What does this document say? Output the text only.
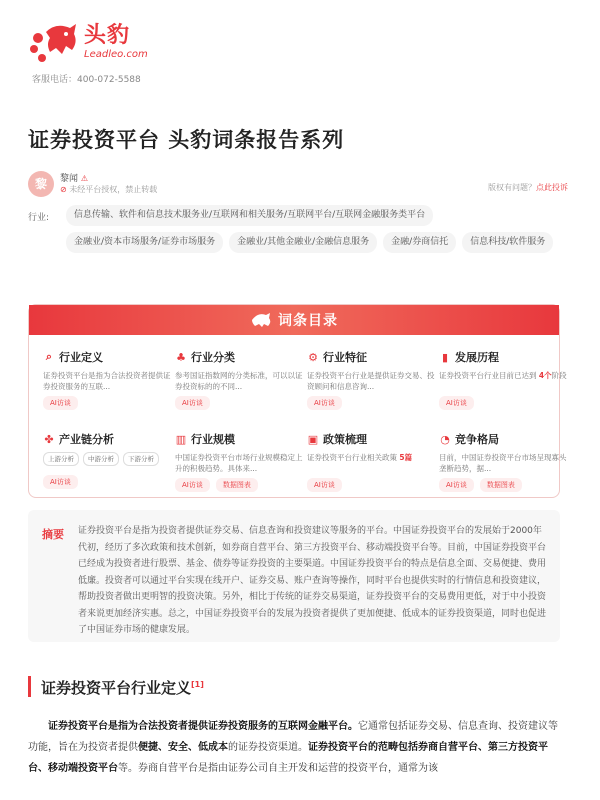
头豹
Leadleo.com
客服电话：400-072-5588
证券投资平台 头豹词条报告系列
黎	黎闻 ⚠
⊘ 未经平台授权，禁止转载	版权有问题？点此投诉
行业:	信息传输、软件和信息技术服务业/互联网和相关服务/互联网平台/互联网金融服务类平台
金融业/资本市场服务/证券市场服务	金融业/其他金融业/金融信息服务	金融/券商信托	信息科技/软件服务
词条目录
⌕ 行业定义
证券投资平台是指为合法投资者提供证券投资服务的互联...
AI访谈
♣ 行业分类
参考国证指数网的分类标准，可以以证券投资标的的不同...
AI访谈
⚙ 行业特征
证券投资平台行业是提供证券交易、投资顾问和信息咨询...
AI访谈
▮ 发展历程
证券投资平台行业目前已达到 4个阶段
AI访谈
✤ 产业链分析
上游分析	中游分析	下游分析
AI访谈
▥ 行业规模
中国证券投资平台市场行业规模稳定上升的积极趋势。具体来...
AI访谈	数据图表
▣ 政策梳理
证券投资平台行业相关政策 5篇
AI访谈
◔ 竞争格局
目前，中国证券投资平台市场呈现寡头垄断趋势，据...
AI访谈	数据图表
摘要 证券投资平台是指为投资者提供证券交易、信息查询和投资建议等服务的平台。中国证券投资平台的发展始于2000年代初，经历了多次政策和技术创新，如券商自营平台、第三方投资平台、移动端投资平台等。目前，中国证券投资平台已经成为投资者进行股票、基金、债券等证券投资的主要渠道。中国证券投资平台的特点是信息全面、交易便捷、费用低廉。投资者可以通过平台实现在线开户、证券交易、账户查询等操作，同时平台也提供实时的行情信息和投资建议，帮助投资者做出更明智的投资决策。另外，相比于传统的证券交易渠道，证券投资平台的交易费用更低，对于中小投资者来说更加经济实惠。总之，中国证券投资平台的发展为投资者提供了更加便捷、低成本的证券投资渠道，同时也促进了中国证券市场的健康发展。
证券投资平台行业定义[1]
证券投资平台是指为合法投资者提供证券投资服务的互联网金融平台。它通常包括证券交易、信息查询、投资建议等功能，旨在为投资者提供便捷、安全、低成本的证券投资渠道。证券投资平台的范畴包括券商自营平台、第三方投资平台、移动端投资平台等。券商自营平台是指由证券公司自主开发和运营的投资平台，通常为该
